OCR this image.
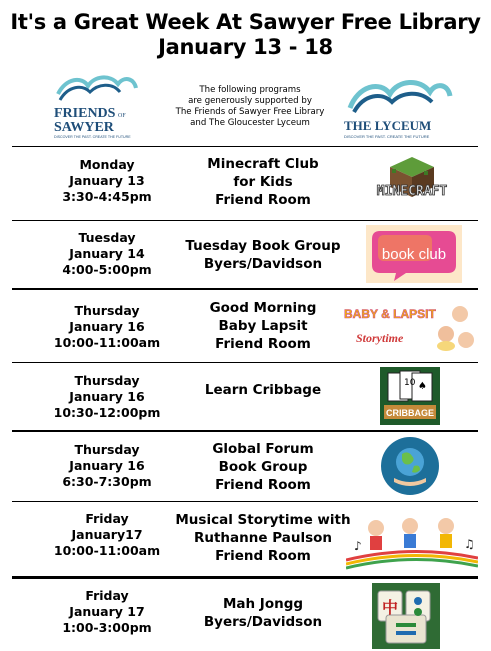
It's a Great Week At Sawyer Free Library
January 13 - 18
FRIENDS OF
SAWYER
DISCOVER THE PAST. CREATE THE FUTURE
The following programs
are generously supported by
The Friends of Sawyer Free Library
and The Gloucester Lyceum	THE LYCEUM
DISCOVER THE PAST. CREATE THE FUTURE
Monday
January 13
3:30-4:45pm
Minecraft Club
for Kids
Friend Room
MINECRAFT
Tuesday
January 14
4:00-5:00pm
Tuesday Book Group
Byers/Davidson
book club
Thursday
January 16
10:00-11:00am
Good Morning
Baby Lapsit
Friend Room
BABY & LAPSIT
Storytime
Thursday
January 16
10:30-12:00pm
Learn Cribbage	10 ♠
CRIBBAGE
Thursday
January 16
6:30-7:30pm
Global Forum
Book Group
Friend Room
Friday
January17
10:00-11:00am
Musical Storytime with
Ruthanne Paulson
Friend Room
♪	♫
Friday
January 17
1:00-3:00pm
Mah Jongg
Byers/Davidson
中
